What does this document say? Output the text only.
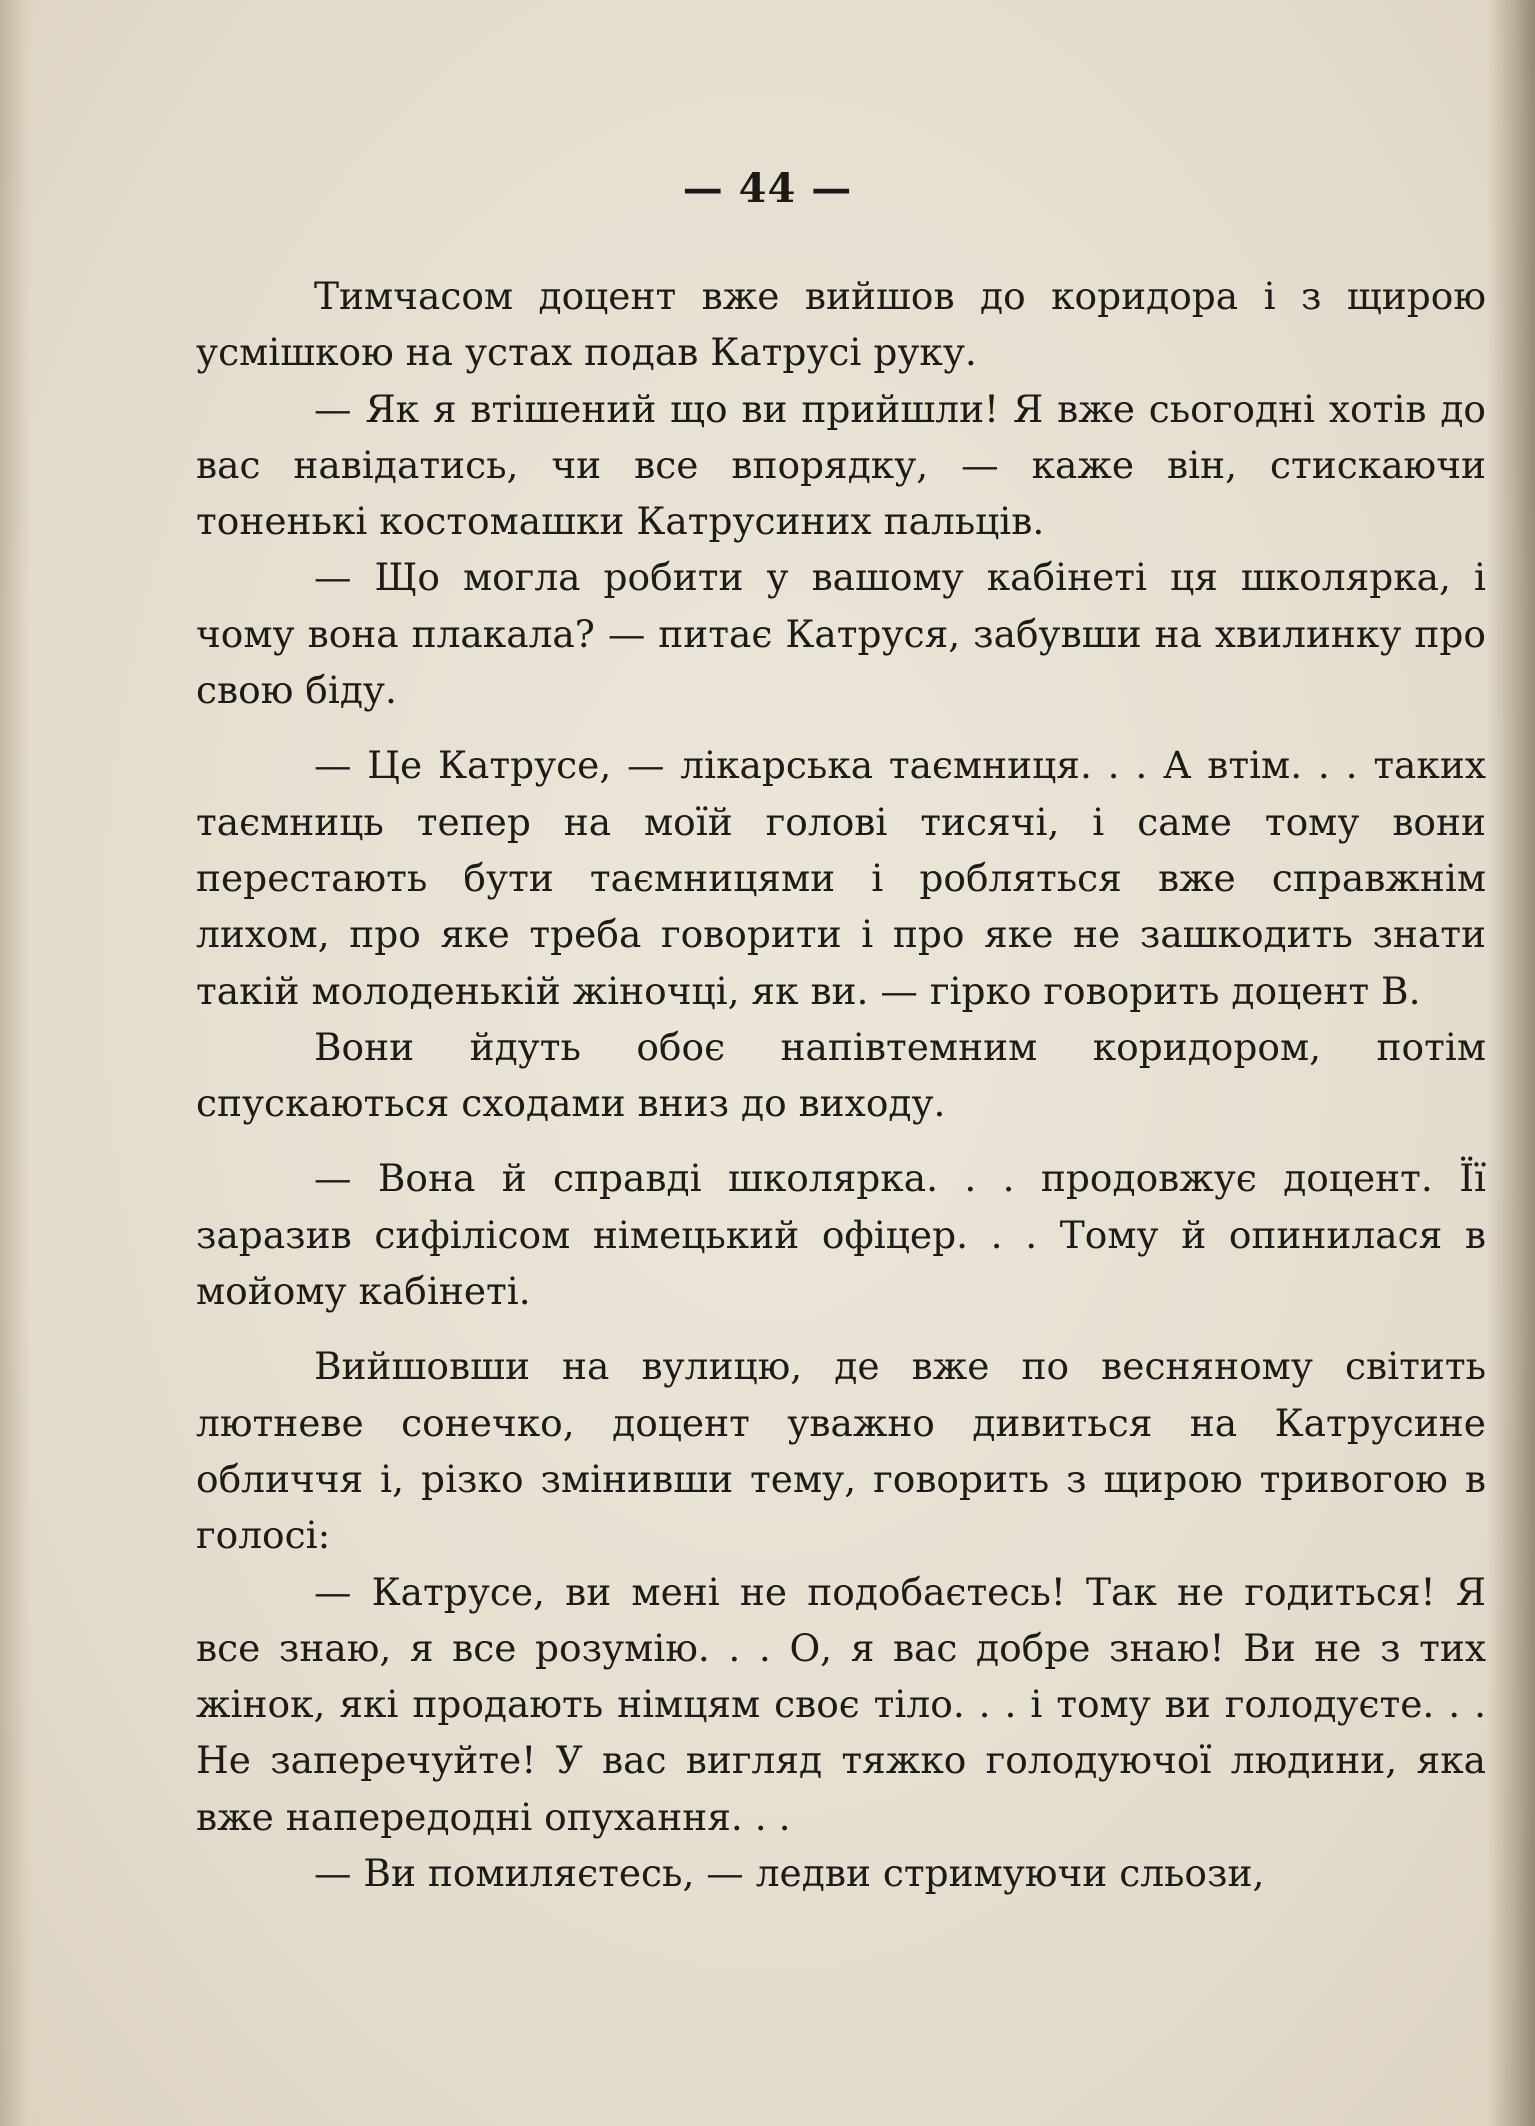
— 44 —

Тимчасом доцент вже вийшов до коридора і з щирою усмішкою на устах подав Катрусі руку.

— Як я втішений що ви прийшли! Я вже сьогодні хотів до вас навідатись, чи все впорядку, — каже він, стискаючи тоненькі костомашки Катрусиних пальців.

— Що могла робити у вашому кабінеті ця школярка, і чому вона плакала? — питає Катруся, забувши на хвилинку про свою біду.

— Це Катрусе, — лікарська таємниця. . . А втім. . . таких таємниць тепер на моїй голові тисячі, і саме тому вони перестають бути таємницями і робляться вже справжнім лихом, про яке треба говорити і про яке не зашкодить знати такій молоденькій жіночці, як ви. — гірко говорить доцент В.

Вони йдуть обоє напівтемним коридором, потім спускаються сходами вниз до виходу.

— Вона й справді школярка. . . продовжує доцент. Її заразив сифілісом німецький офіцер. . . Тому й опинилася в мойому кабінеті.

Вийшовши на вулицю, де вже по весняному світить лютневе сонечко, доцент уважно дивиться на Катрусине обличчя і, різко змінивши тему, говорить з щирою тривогою в голосі:

— Катрусе, ви мені не подобаєтесь! Так не годиться! Я все знаю, я все розумію. . . О, я вас добре знаю! Ви не з тих жінок, які продають німцям своє тіло. . . і тому ви голодуєте. . . Не заперечуйте! У вас вигляд тяжко голодуючої людини, яка вже напередодні опухання. . .

— Ви помиляєтесь, — ледви стримуючи сльози,
